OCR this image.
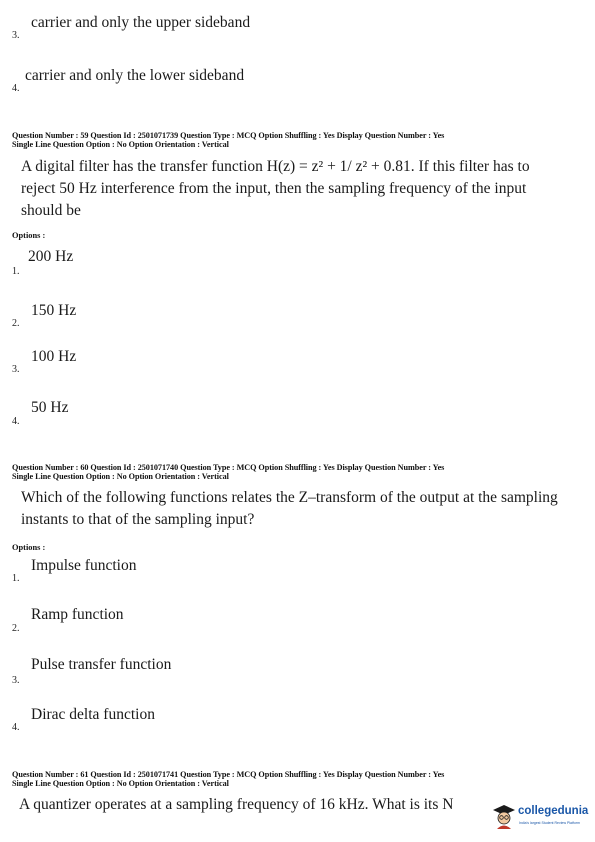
3.
carrier and only the upper sideband
4.
carrier and only the lower sideband
Question Number : 59 Question Id : 2501071739 Question Type : MCQ Option Shuffling : Yes Display Question Number : Yes
Single Line Question Option : No Option Orientation : Vertical
A digital filter has the transfer function H(z) = z² + 1/ z² + 0.81. If this filter has to
reject 50 Hz interference from the input, then the sampling frequency of the input
should be
Options :
1.
200 Hz
2.
150 Hz
3.
100 Hz
4.
50 Hz
Question Number : 60 Question Id : 2501071740 Question Type : MCQ Option Shuffling : Yes Display Question Number : Yes
Single Line Question Option : No Option Orientation : Vertical
Which of the following functions relates the Z–transform of the output at the sampling
instants to that of the sampling input?
Options :
1.
Impulse function
2.
Ramp function
3.
Pulse transfer function
4.
Dirac delta function
Question Number : 61 Question Id : 2501071741 Question Type : MCQ Option Shuffling : Yes Display Question Number : Yes
Single Line Question Option : No Option Orientation : Vertical
A quantizer operates at a sampling frequency of 16 kHz. What is its N	collegedunia
India's largest Student Review Platform
